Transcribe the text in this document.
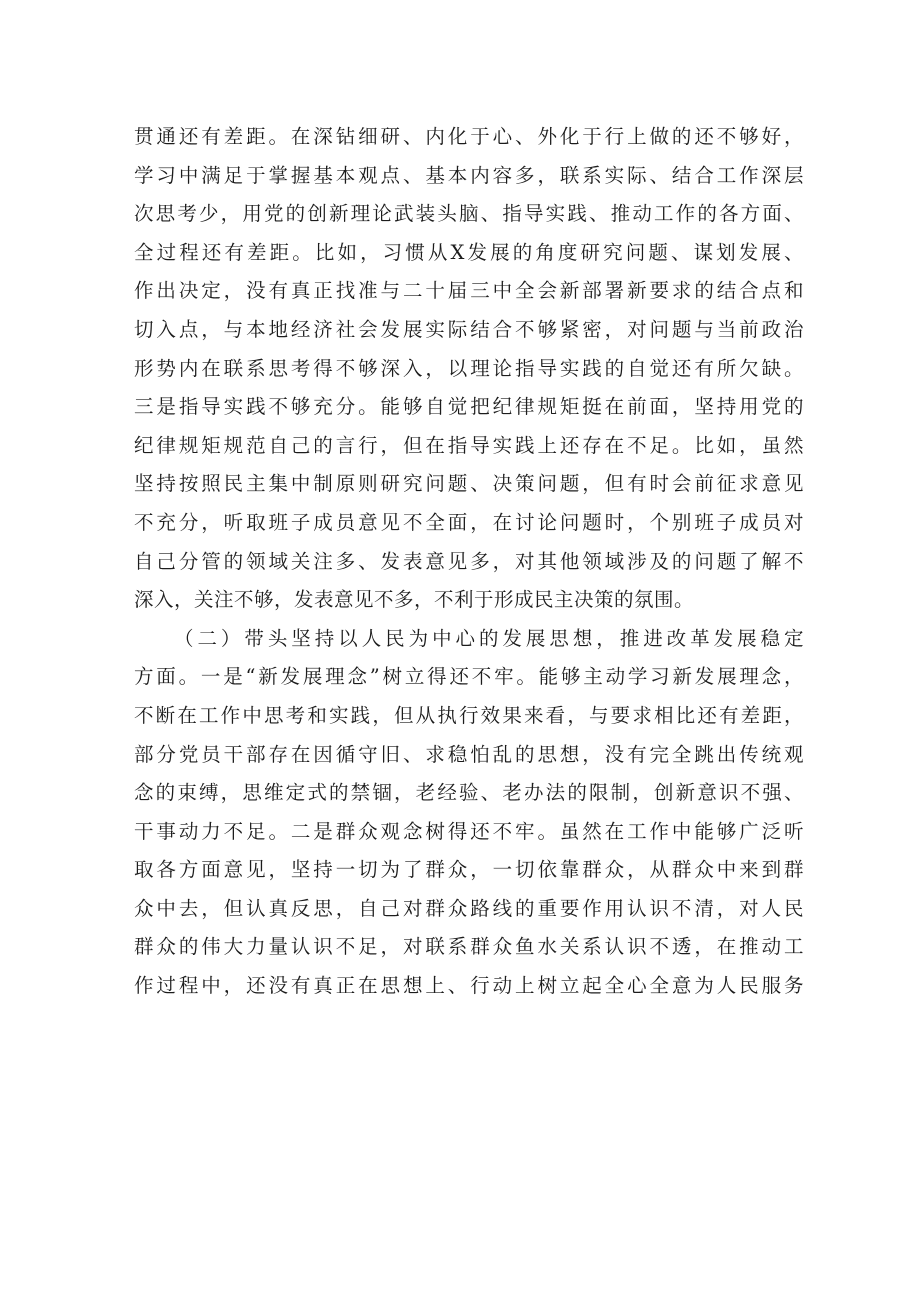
贯通还有差距。在深钻细研、内化于心、外化于行上做的还不够好，
学习中满足于掌握基本观点、基本内容多，联系实际、结合工作深层
次思考少，用党的创新理论武装头脑、指导实践、推动工作的各方面、
全过程还有差距。比如，习惯从X发展的角度研究问题、谋划发展、
作出决定，没有真正找准与二十届三中全会新部署新要求的结合点和
切入点，与本地经济社会发展实际结合不够紧密，对问题与当前政治
形势内在联系思考得不够深入，以理论指导实践的自觉还有所欠缺。
三是指导实践不够充分。能够自觉把纪律规矩挺在前面，坚持用党的
纪律规矩规范自己的言行，但在指导实践上还存在不足。比如，虽然
坚持按照民主集中制原则研究问题、决策问题，但有时会前征求意见
不充分，听取班子成员意见不全面，在讨论问题时，个别班子成员对
自己分管的领域关注多、发表意见多，对其他领域涉及的问题了解不
深入，关注不够，发表意见不多，不利于形成民主决策的氛围。
（二）带头坚持以人民为中心的发展思想，推进改革发展稳定
方面。一是“新发展理念”树立得还不牢。能够主动学习新发展理念，
不断在工作中思考和实践，但从执行效果来看，与要求相比还有差距，
部分党员干部存在因循守旧、求稳怕乱的思想，没有完全跳出传统观
念的束缚，思维定式的禁锢，老经验、老办法的限制，创新意识不强、
干事动力不足。二是群众观念树得还不牢。虽然在工作中能够广泛听
取各方面意见，坚持一切为了群众，一切依靠群众，从群众中来到群
众中去，但认真反思，自己对群众路线的重要作用认识不清，对人民
群众的伟大力量认识不足，对联系群众鱼水关系认识不透，在推动工
作过程中，还没有真正在思想上、行动上树立起全心全意为人民服务
